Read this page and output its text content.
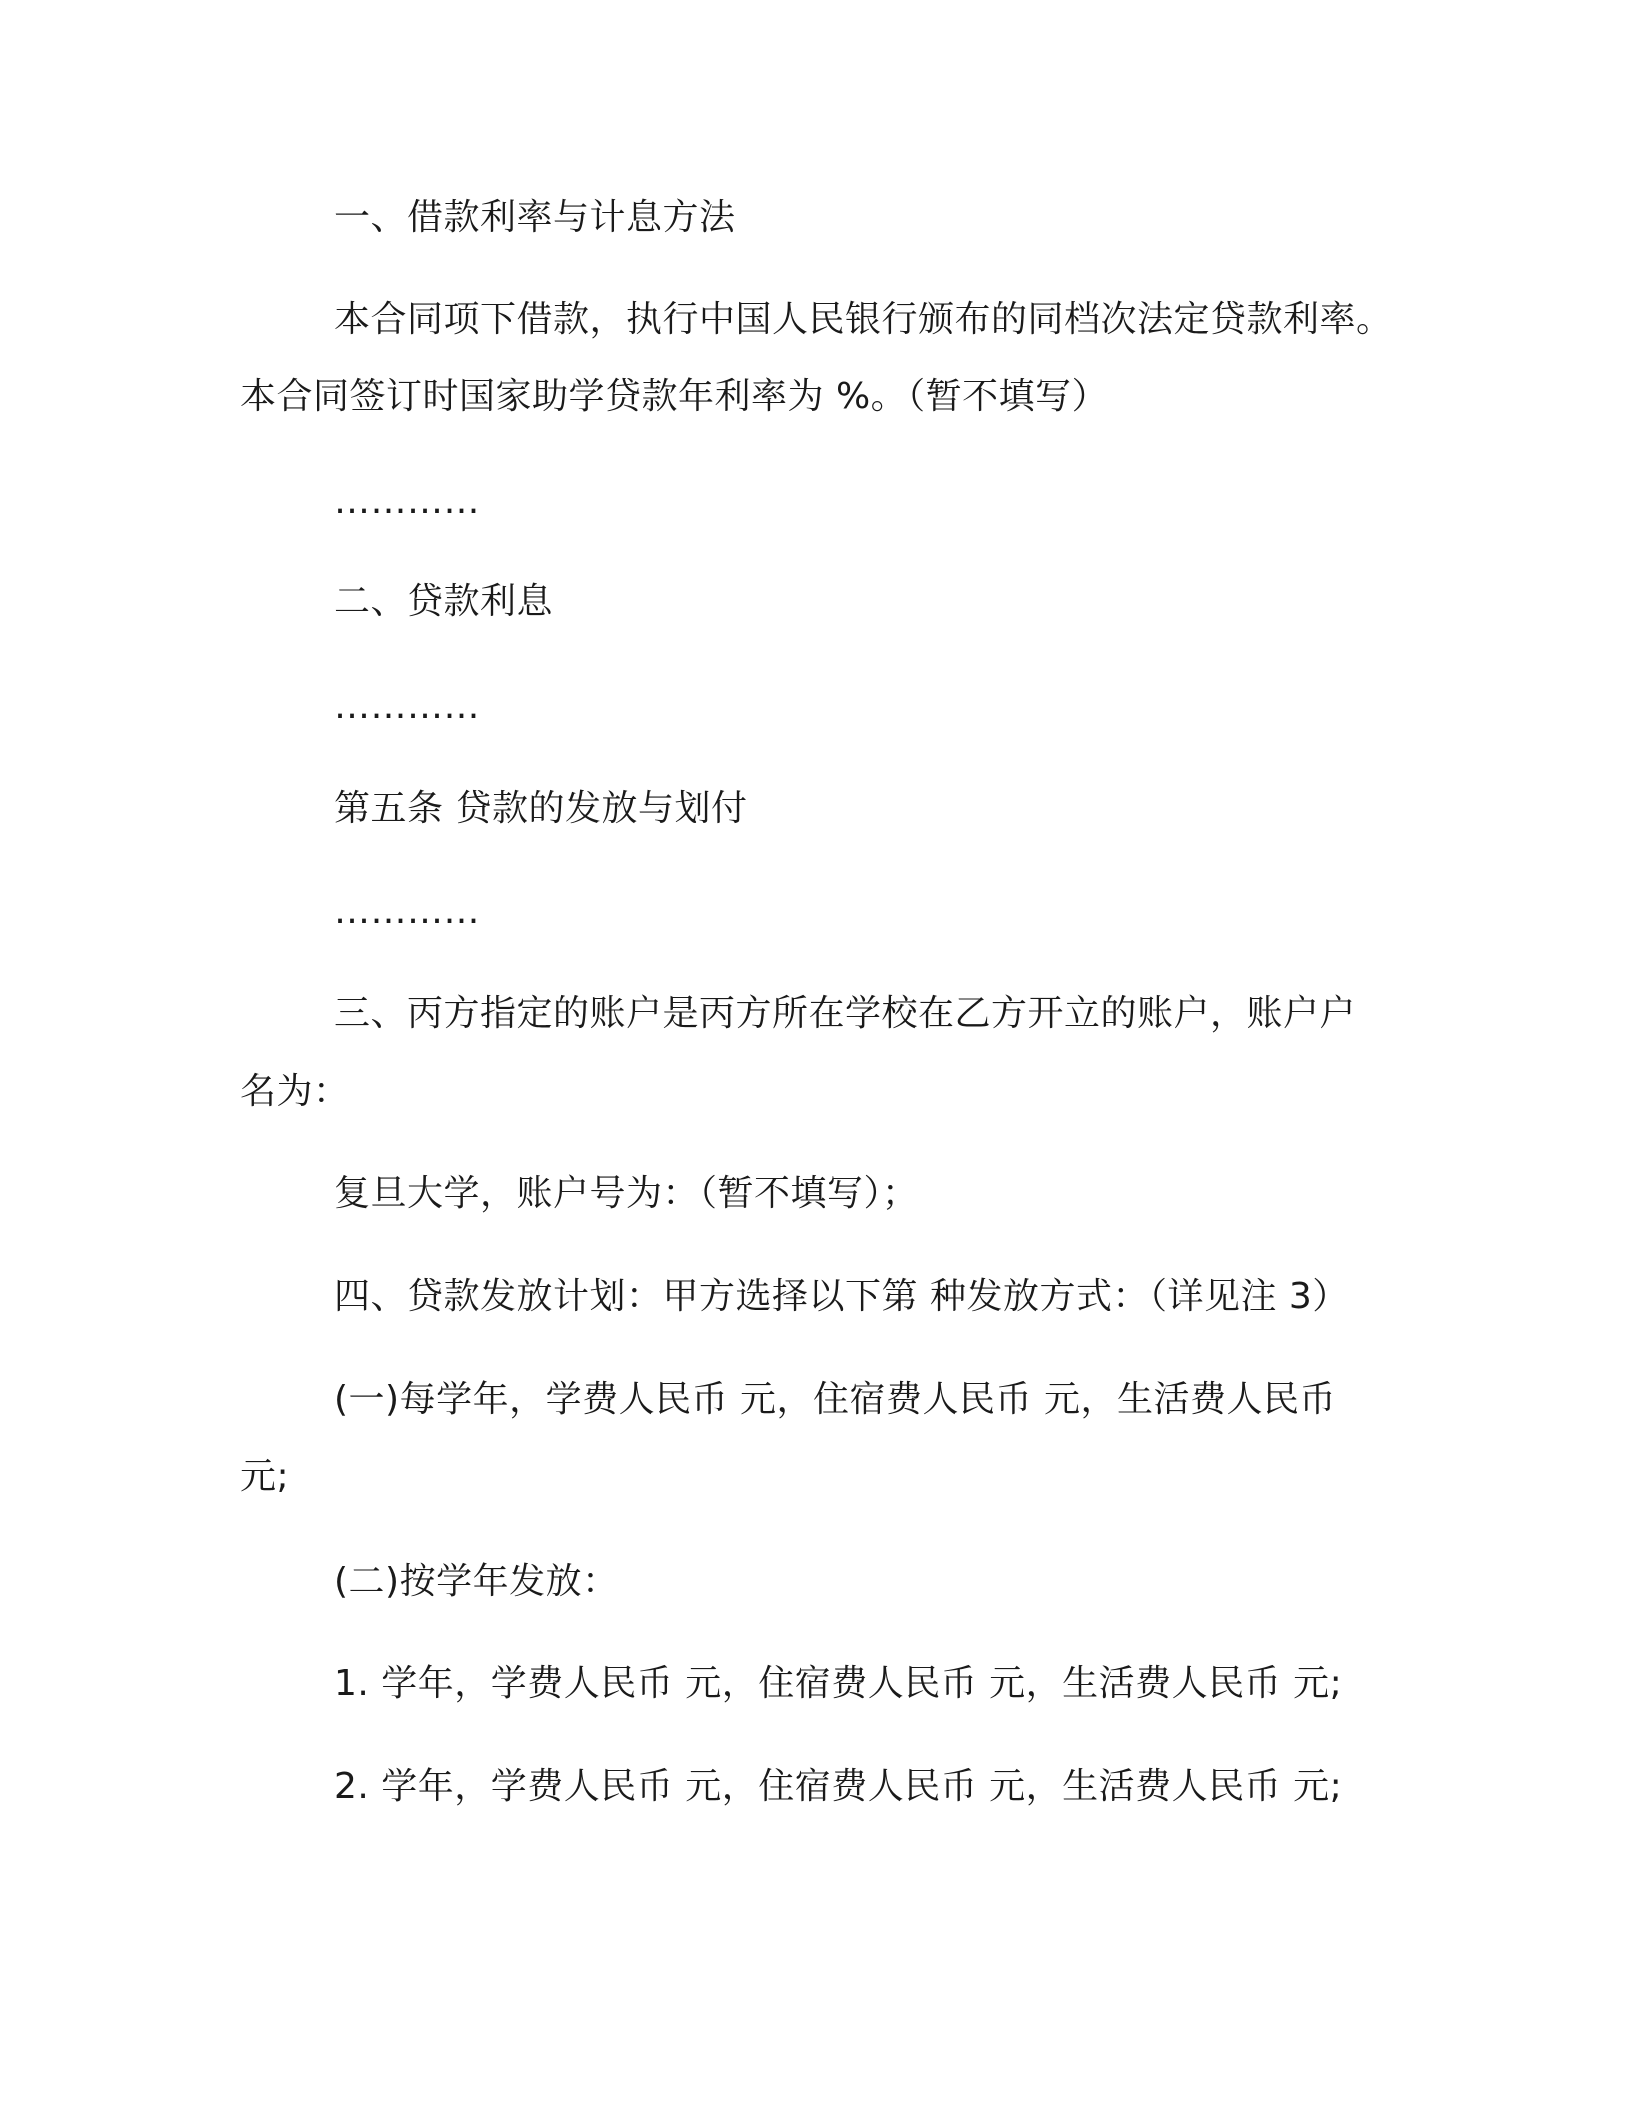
一、借款利率与计息方法
本合同项下借款，执行中国人民银行颁布的同档次法定贷款利率。
本合同签订时国家助学贷款年利率为 %。（暂不填写）
…………
二、贷款利息
…………
第五条 贷款的发放与划付
…………
三、丙方指定的账户是丙方所在学校在乙方开立的账户，账户户
名为：
复旦大学，账户号为：（暂不填写）；
四、贷款发放计划：甲方选择以下第 种发放方式：（详见注 3）
(一)每学年，学费人民币 元，住宿费人民币 元，生活费人民币
元;
(二)按学年发放：
1. 学年，学费人民币 元，住宿费人民币 元，生活费人民币 元;
2. 学年，学费人民币 元，住宿费人民币 元，生活费人民币 元;
